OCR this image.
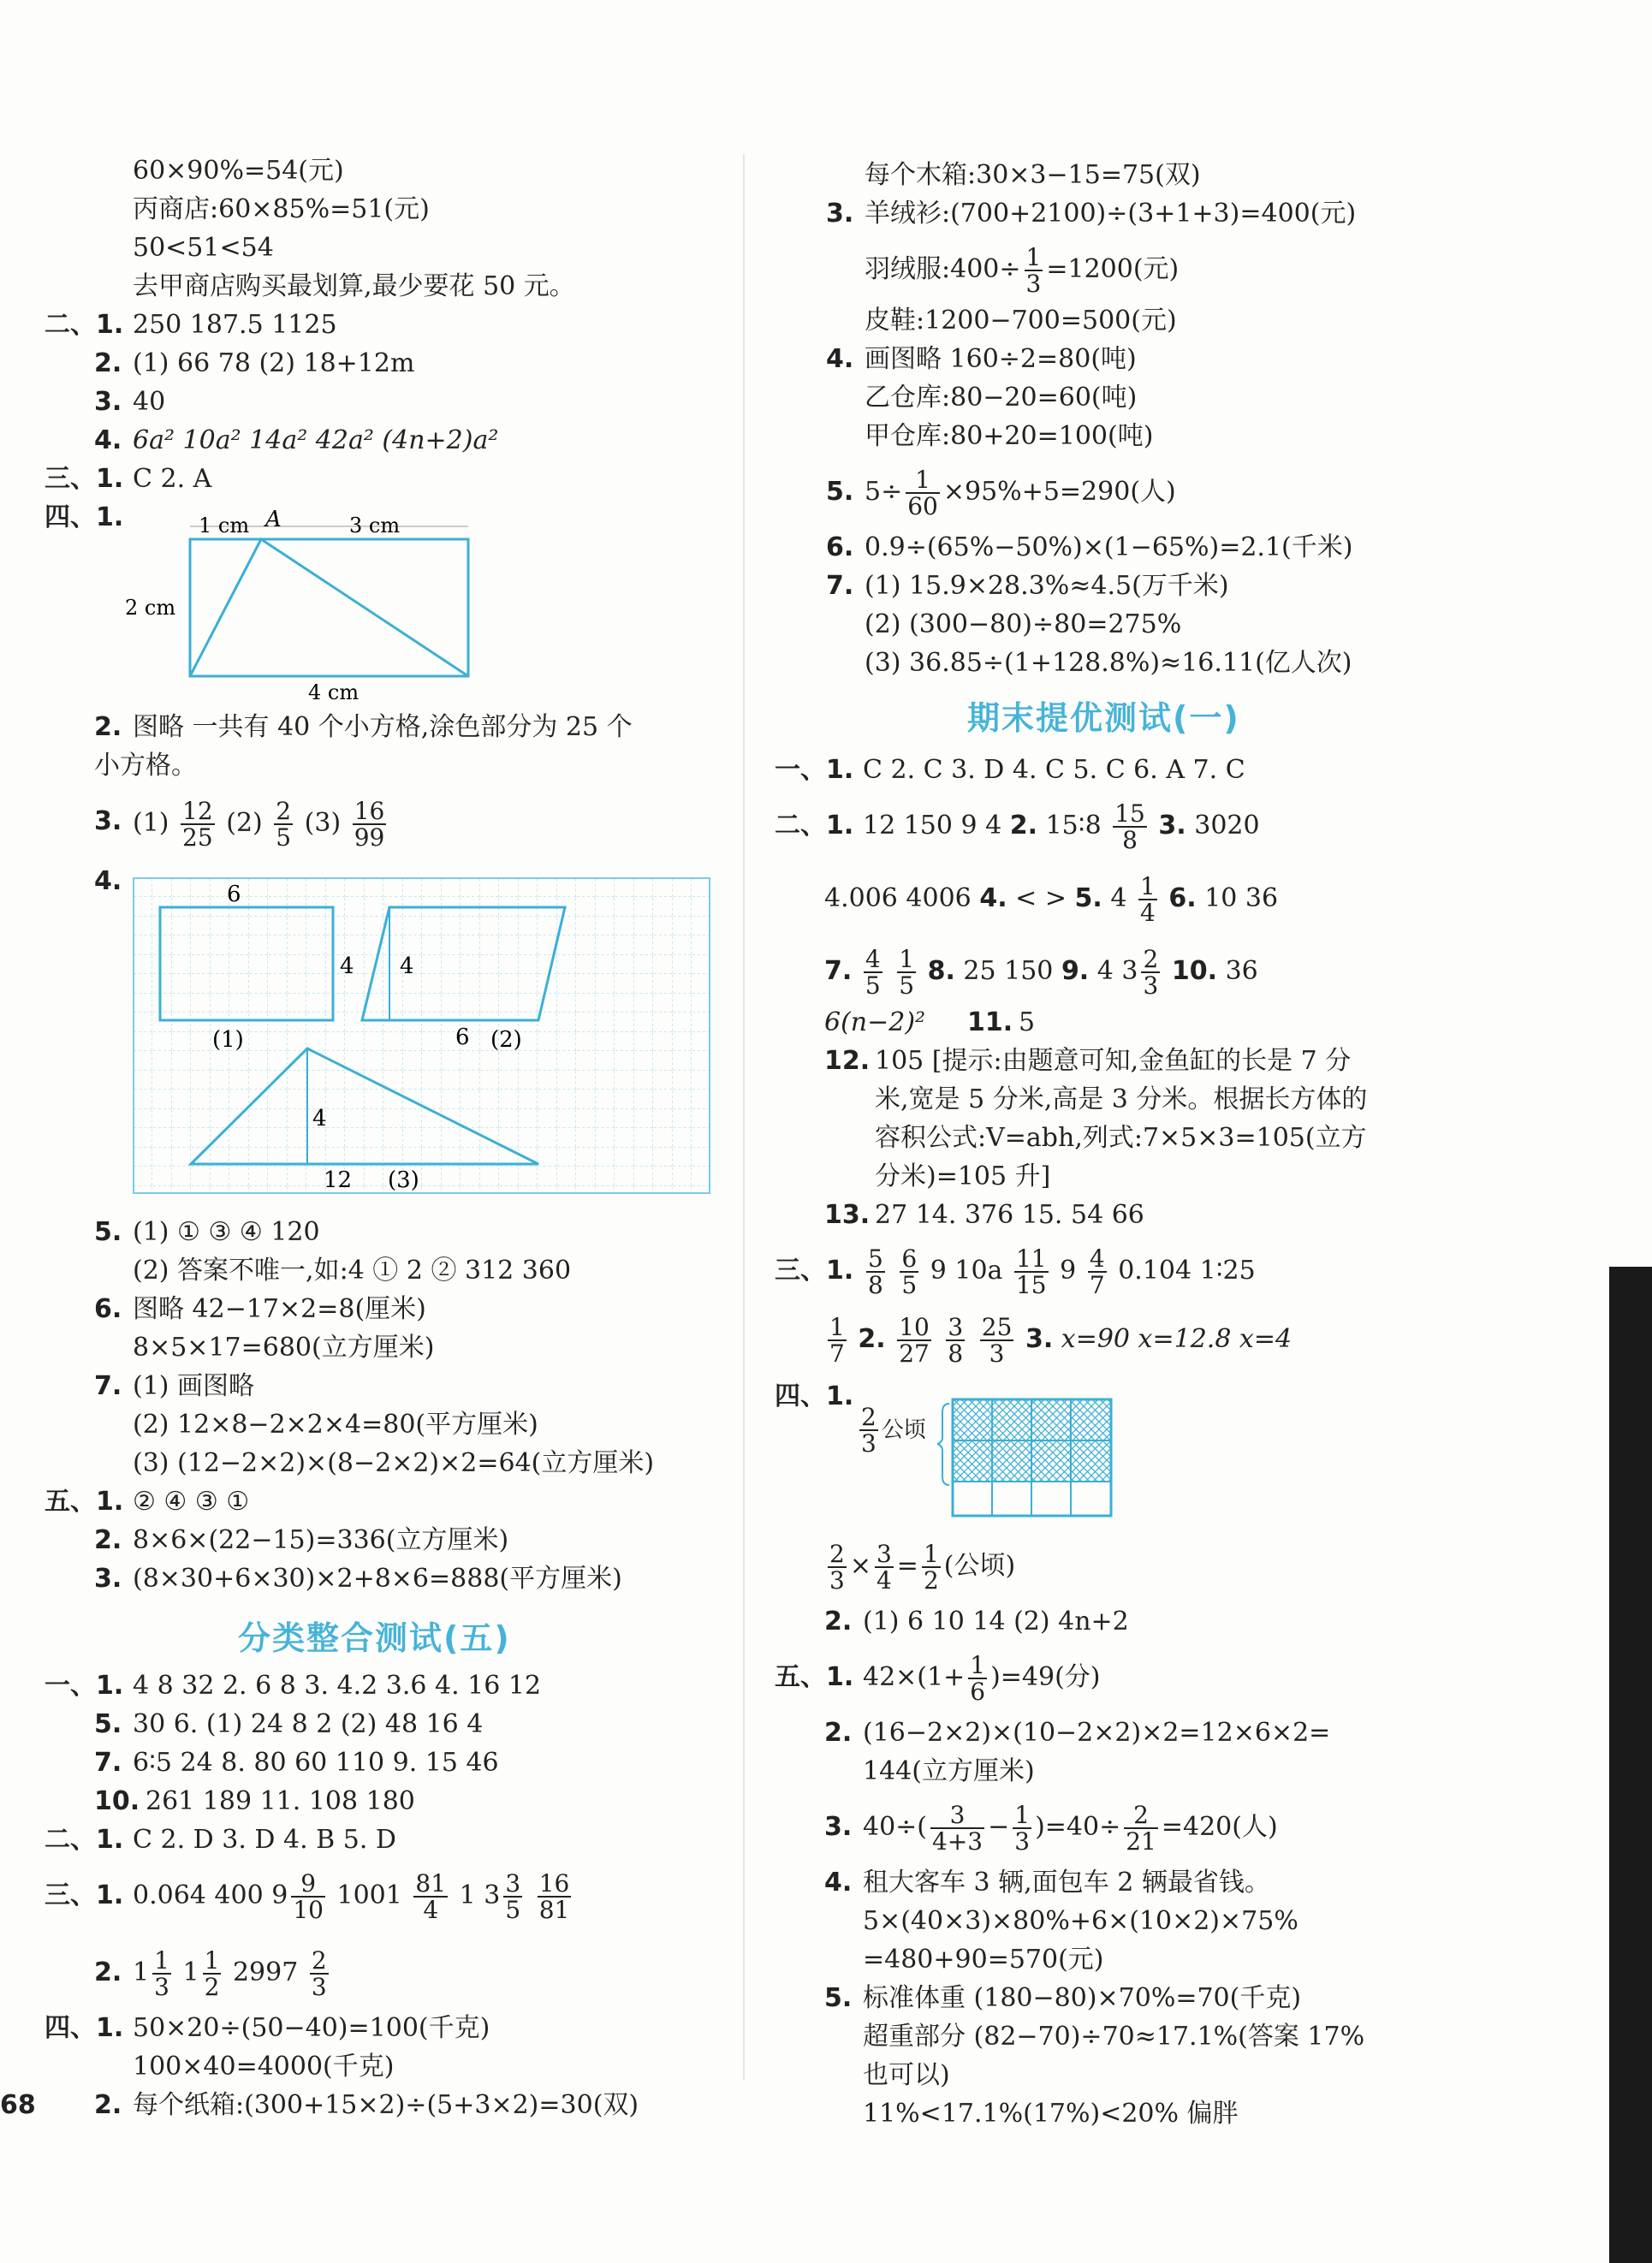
60×90%=54(元)
丙商店:60×85%=51(元)
50<51<54
去甲商店购买最划算,最少要花 50 元。
二、1. 250 187.5 1125
2. (1) 66 78 (2) 18+12m
3. 40
4. 6a² 10a² 14a² 42a² (4n+2)a²
三、1. C 2. A
四、1.	A
1 cm	3 cm
2 cm
4 cm
2. 图略 一共有 40 个小方格,涂色部分为 25 个
小方格。
3. $(1) \frac{12}{25} (2) \frac{2}{5} (3) \frac{16}{99}$
4.	6
4 4
(1)	6 (2)
4
12 (3)
5. (1) ① ③ ④ 120
(2) 答案不唯一,如:4 ① 2 ② 312 360
6. 图略 42−17×2=8(厘米)
8×5×17=680(立方厘米)
7. (1) 画图略
(2) 12×8−2×2×4=80(平方厘米)
(3) (12−2×2)×(8−2×2)×2=64(立方厘米)
五、1. ② ④ ③ ①
2. 8×6×(22−15)=336(立方厘米)
3. (8×30+6×30)×2+8×6=888(平方厘米)
分类整合测试(五)
一、1. 4 8 32 2. 6 8 3. 4.2 3.6 4. 16 12
5. 30 6. (1) 24 8 2 (2) 48 16 4
7. 6∶5 24 8. 80 60 110 9. 15 46
10. 261 189 11. 108 180
二、1. C 2. D 3. D 4. B 5. D
三、1. 0.064 400 $9 \frac{9}{10} 1001 \frac{81}{4} 1$ $3 \frac{3}{5}$
$\frac{16}{81}$
2. $1 \frac{1}{3} 1 \frac{1}{2} 2997 \frac{2}{3}$
四、1. 50×20÷(50−40)=100(千克)
100×40=4000(千克)
2. 每个纸箱:(300+15×2)÷(5+3×2)=30(双)
68
每个木箱:30×3−15=75(双)
3. 羊绒衫:(700+2100)÷(3+1+3)=400(元)
羽绒服:400÷ $\frac{1}{3} =1200$(元)
皮鞋:1200−700=500(元)
4. 画图略 160÷2=80(吨)
乙仓库:80−20=60(吨)
甲仓库:80+20=100(吨)
5. $5\div \frac{1}{60} \times 95\%+5=290$(人)
6. 0.9÷(65%−50%)×(1−65%)=2.1(千米)
7. (1) 15.9×28.3%≈4.5(万千米)
(2) (300−80)÷80=275%
(3) 36.85÷(1+128.8%)≈16.11(亿人次)
期末提优测试(一)
一、1. C 2. C 3. D 4. C 5. C 6. A 7. C
二、1. 12 150 9 4 2. 15∶8 $\frac{15}{8} 3$. 3020
4.006 4006 4. < > 5. $4 \frac{1}{4} 6$. 10 36
7. $\frac{4}{5}$
$\frac{1}{5} 8$. 25 150 9. 4 $3 \frac{2}{3} 10$. 36
6(n−2)² 11. 5
12. 105 [提示:由题意可知,金鱼缸的长是 7 分
米,宽是 5 分米,高是 3 分米。根据长方体的
容积公式:V=abh,列式:7×5×3=105(立方
分米)=105 升]
13. 27 14. 376 15. 54 66
三、1. $\frac{5}{8}$
$\frac{6}{5} 9$ $10a \frac{11}{15} 9 \frac{4}{7} 0.104$ 1∶25
$\frac{1}{7} 2$. $\frac{10}{27}$
$\frac{3}{8}$
$\frac{25}{3} 3$. x=90 x=12.8 x=4
四、1.
$\frac{2}{3}$ 公顷
$\frac{2}{3} \times \frac{3}{4} = \frac{1}{2}$ (公顷)
2. (1) 6 10 14 (2) 4n+2
五、1. $42\times(1+ \frac{1}{6} )=49$(分)
2. (16−2×2)×(10−2×2)×2=12×6×2=
144(立方厘米)
3. $40\div( \frac{3}{4+3} - \frac{1}{3} )=40\div \frac{2}{21} =420$(人)
4. 租大客车 3 辆,面包车 2 辆最省钱。
5×(40×3)×80%+6×(10×2)×75%
=480+90=570(元)
5. 标准体重 (180−80)×70%=70(千克)
超重部分 (82−70)÷70≈17.1%(答案 17%
也可以)
11%<17.1%(17%)<20% 偏胖
